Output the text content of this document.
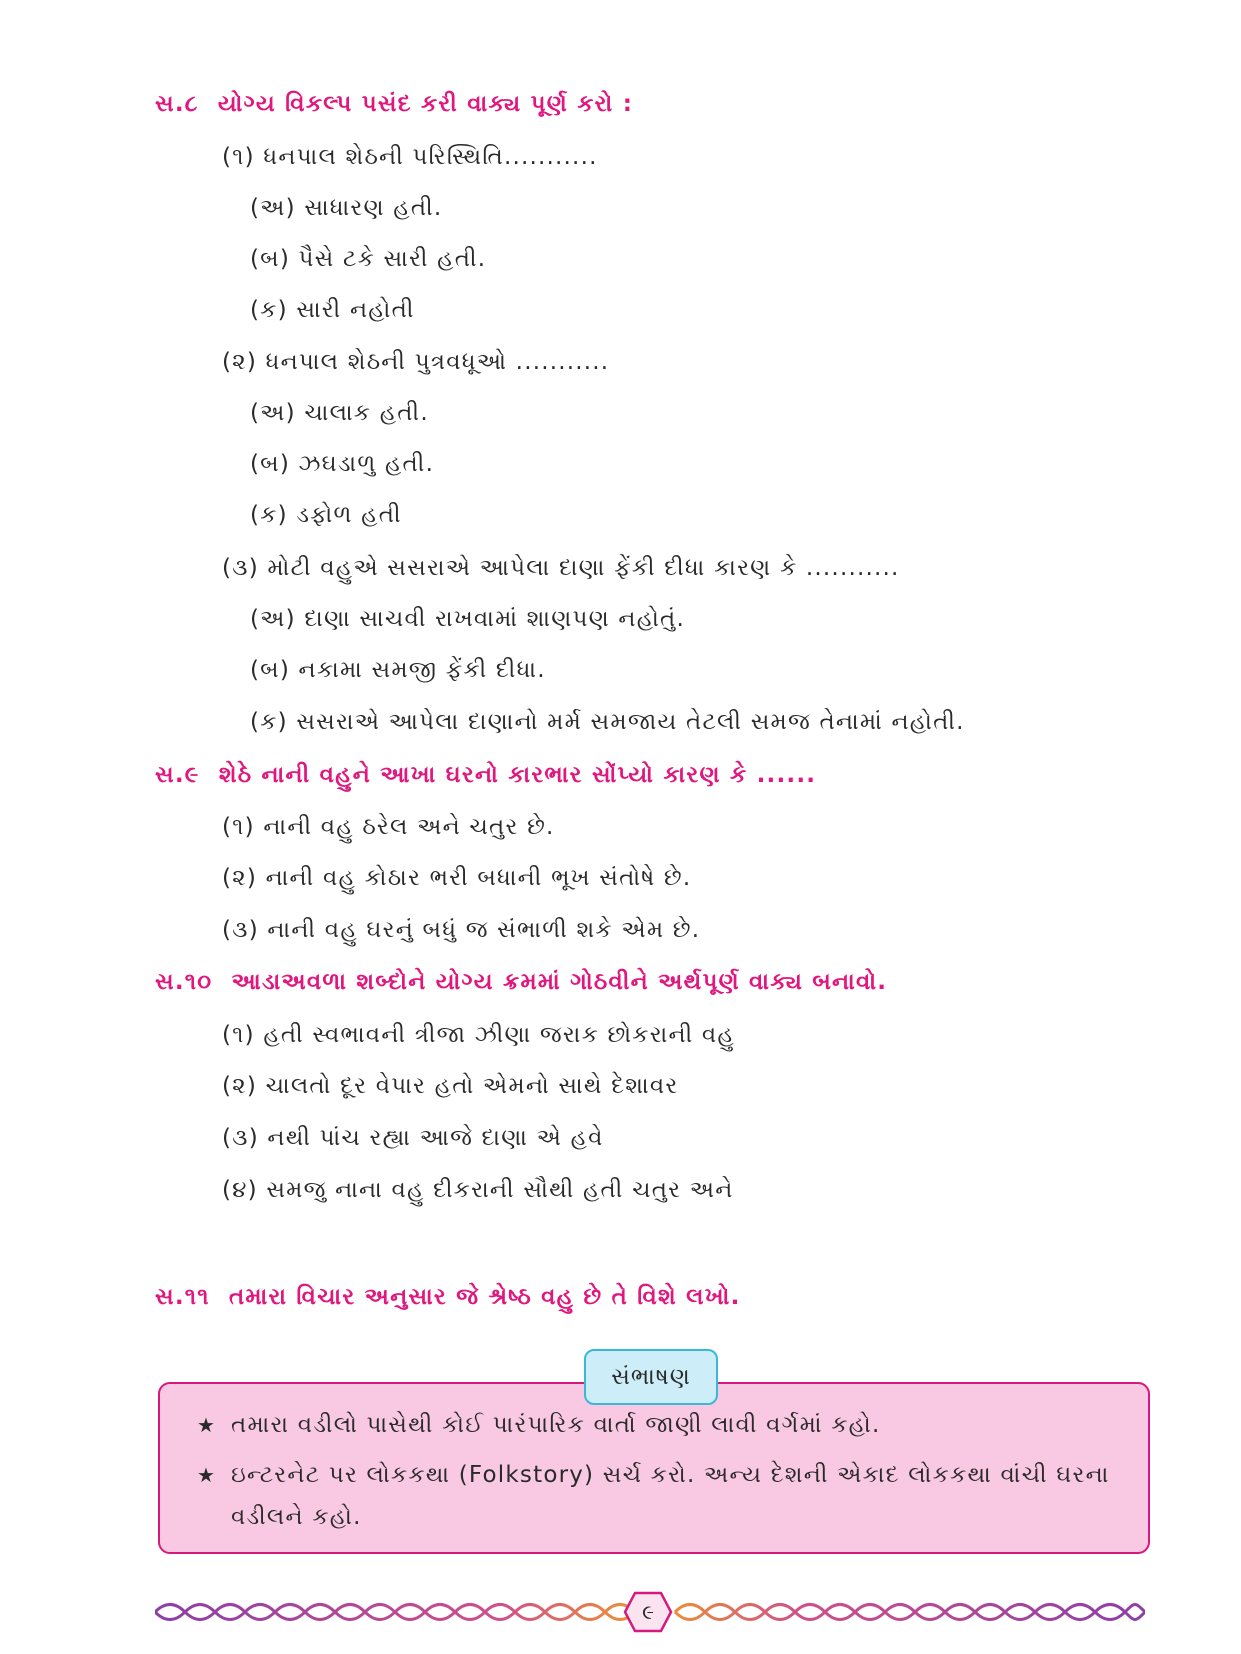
સ.૮ યોગ્ય વિકલ્પ પસંદ કરી વાક્ય પૂર્ણ કરો :
(૧) ધનપાલ શેઠની પરિસ્થિતિ...........
(અ) સાધારણ હતી.
(બ) પૈસે ટકે સારી હતી.
(ક) સારી નહોતી
(૨) ધનપાલ શેઠની પુત્રવધૂઓ ...........
(અ) ચાલાક હતી.
(બ) ઝઘડાળુ હતી.
(ક) ડફોળ હતી
(૩) મોટી વહુએ સસરાએ આપેલા દાણા ફેંકી દીધા કારણ કે ...........
(અ) દાણા સાચવી રાખવામાં શાણપણ નહોતું.
(બ) નકામા સમજી ફેંકી દીધા.
(ક) સસરાએ આપેલા દાણાનો મર્મ સમજાય તેટલી સમજ તેનામાં નહોતી.
સ.૯ શેઠે નાની વહુને આખા ઘરનો કારભાર સોંપ્યો કારણ કે ......
(૧) નાની વહુ ઠરેલ અને ચતુર છે.
(૨) નાની વહુ કોઠાર ભરી બધાની ભૂખ સંતોષે છે.
(૩) નાની વહુ ઘરનું બધું જ સંભાળી શકે એમ છે.
સ.૧૦ આડાઅવળા શબ્દોને યોગ્ય ક્રમમાં ગોઠવીને અર્થપૂર્ણ વાક્ય બનાવો.
(૧) હતી સ્વભાવની ત્રીજા ઝીણા જરાક છોકરાની વહુ
(૨) ચાલતો દૂર વેપાર હતો એમનો સાથે દેશાવર
(૩) નથી પાંચ રહ્યા આજે દાણા એ હવે
(૪) સમજુ નાના વહુ દીકરાની સૌથી હતી ચતુર અને
સ.૧૧ તમારા વિચાર અનુસાર જે શ્રેષ્ઠ વહુ છે તે વિશે લખો.
સંભાષણ
★ તમારા વડીલો પાસેથી કોઈ પારંપારિક વાર્તા જાણી લાવી વર્ગમાં કહો.
★ ઇન્ટરનેટ પર લોકકથા (Folkstory) સર્ચ કરો. અન્ય દેશની એકાદ લોકકથા વાંચી ઘરના
વડીલને કહો.
૯
